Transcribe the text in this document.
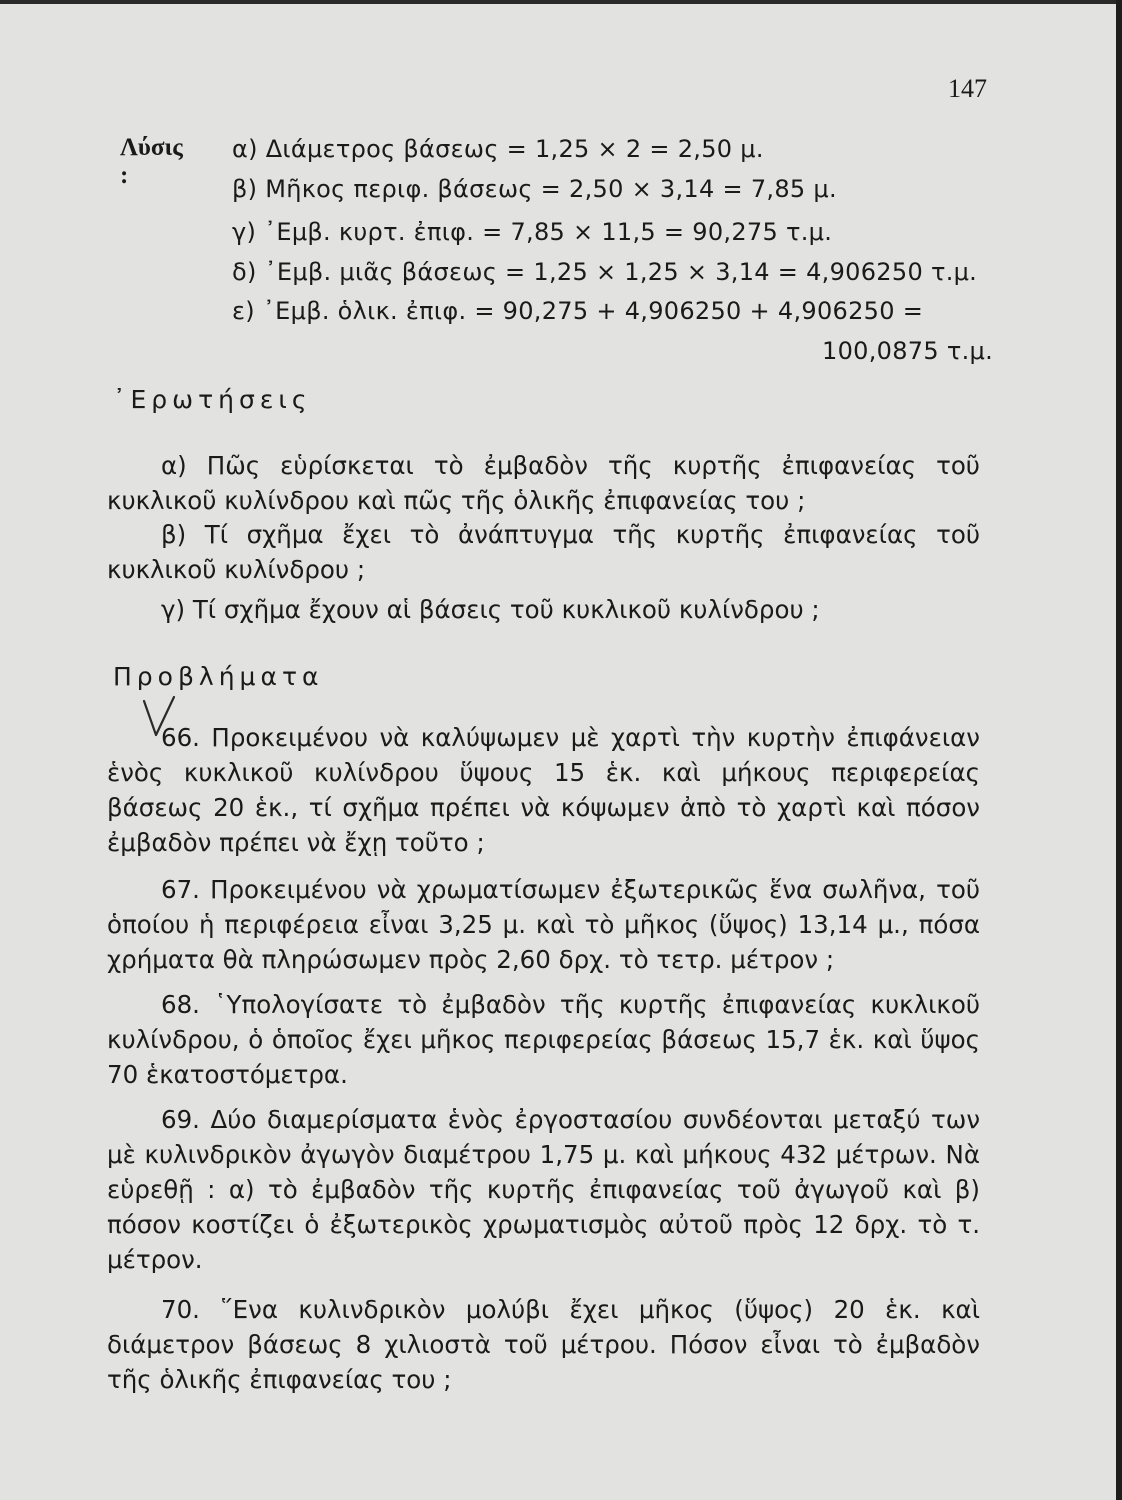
147
Λύσις :
α) Διάμετρος βάσεως = 1,25 × 2 = 2,50 μ.
β) Μῆκος περιφ. βάσεως = 2,50 × 3,14 = 7,85 μ.
γ) ᾿Εμβ. κυρτ. ἐπιφ. = 7,85 × 11,5 = 90,275 τ.μ.
δ) ᾿Εμβ. μιᾶς βάσεως = 1,25 × 1,25 × 3,14 = 4,906250 τ.μ.
ε) ᾿Εμβ. ὁλικ. ἐπιφ. = 90,275 + 4,906250 + 4,906250 =
100,0875 τ.μ.
᾿Ερωτήσεις

α) Πῶς εὑρίσκεται τὸ ἐμβαδὸν τῆς κυρτῆς ἐπιφανείας τοῦ κυκλικοῦ κυλίνδρου καὶ πῶς τῆς ὁλικῆς ἐπιφανείας του ;

β) Τί σχῆμα ἔχει τὸ ἀνάπτυγμα τῆς κυρτῆς ἐπιφανείας τοῦ κυκλικοῦ κυλίνδρου ;

γ) Τί σχῆμα ἔχουν αἱ βάσεις τοῦ κυκλικοῦ κυλίνδρου ;

Προβλήματα

66. Προκειμένου νὰ καλύψωμεν μὲ χαρτὶ τὴν κυρτὴν ἐπιφάνειαν ἑνὸς κυκλικοῦ κυλίνδρου ὕψους 15 ἑκ. καὶ μήκους περιφερείας βάσεως 20 ἑκ., τί σχῆμα πρέπει νὰ κόψωμεν ἀπὸ τὸ χαρτὶ καὶ πόσον ἐμβαδὸν πρέπει νὰ ἔχῃ τοῦτο ;

67. Προκειμένου νὰ χρωματίσωμεν ἐξωτερικῶς ἕνα σωλῆνα, τοῦ ὁποίου ἡ περιφέρεια εἶναι 3,25 μ. καὶ τὸ μῆκος (ὕψος) 13,14 μ., πόσα χρήματα θὰ πληρώσωμεν πρὸς 2,60 δρχ. τὸ τετρ. μέτρον ;

68. ῾Υπολογίσατε τὸ ἐμβαδὸν τῆς κυρτῆς ἐπιφανείας κυκλικοῦ κυλίνδρου, ὁ ὁποῖος ἔχει μῆκος περιφερείας βάσεως 15,7 ἑκ. καὶ ὕψος 70 ἑκατοστόμετρα.

69. Δύο διαμερίσματα ἑνὸς ἐργοστασίου συνδέονται μεταξύ των μὲ κυλινδρικὸν ἀγωγὸν διαμέτρου 1,75 μ. καὶ μήκους 432 μέτρων. Νὰ εὑρεθῇ : α) τὸ ἐμβαδὸν τῆς κυρτῆς ἐπιφανείας τοῦ ἀγωγοῦ καὶ β) πόσον κοστίζει ὁ ἐξωτερικὸς χρωματισμὸς αὐτοῦ πρὸς 12 δρχ. τὸ τ. μέτρον.

70. ῞Ενα κυλινδρικὸν μολύβι ἔχει μῆκος (ὕψος) 20 ἑκ. καὶ διάμετρον βάσεως 8 χιλιοστὰ τοῦ μέτρου. Πόσον εἶναι τὸ ἐμβαδὸν τῆς ὁλικῆς ἐπιφανείας του ;
